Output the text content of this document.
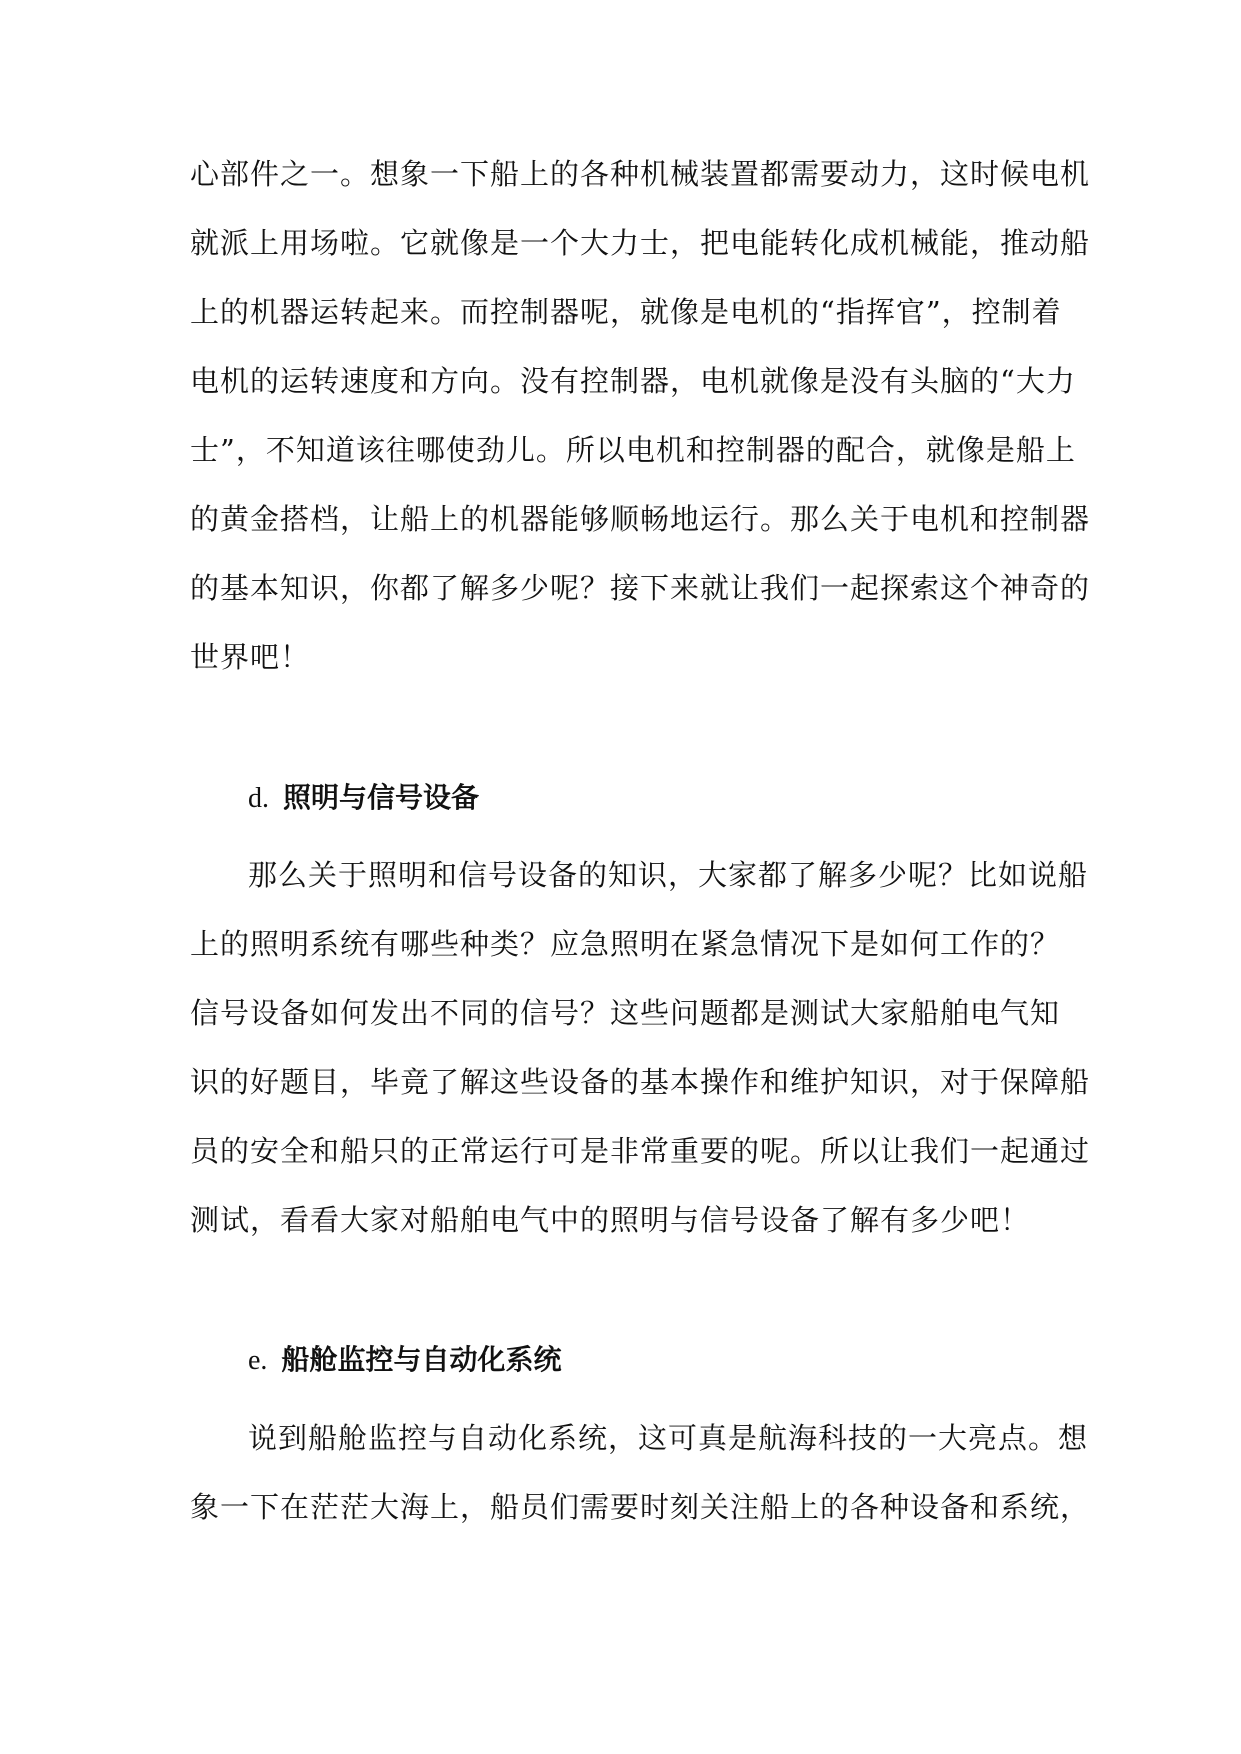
心部件之一。想象一下船上的各种机械装置都需要动力，这时候电机
就派上用场啦。它就像是一个大力士，把电能转化成机械能，推动船
上的机器运转起来。而控制器呢，就像是电机的“指挥官”，控制着
电机的运转速度和方向。没有控制器，电机就像是没有头脑的“大力
士”，不知道该往哪使劲儿。所以电机和控制器的配合，就像是船上
的黄金搭档，让船上的机器能够顺畅地运行。那么关于电机和控制器
的基本知识，你都了解多少呢？接下来就让我们一起探索这个神奇的
世界吧！
d. 照明与信号设备
那么关于照明和信号设备的知识，大家都了解多少呢？比如说船
上的照明系统有哪些种类？应急照明在紧急情况下是如何工作的？
信号设备如何发出不同的信号？这些问题都是测试大家船舶电气知
识的好题目，毕竟了解这些设备的基本操作和维护知识，对于保障船
员的安全和船只的正常运行可是非常重要的呢。所以让我们一起通过
测试，看看大家对船舶电气中的照明与信号设备了解有多少吧！
e. 船舱监控与自动化系统
说到船舱监控与自动化系统，这可真是航海科技的一大亮点。想
象一下在茫茫大海上，船员们需要时刻关注船上的各种设备和系统，
